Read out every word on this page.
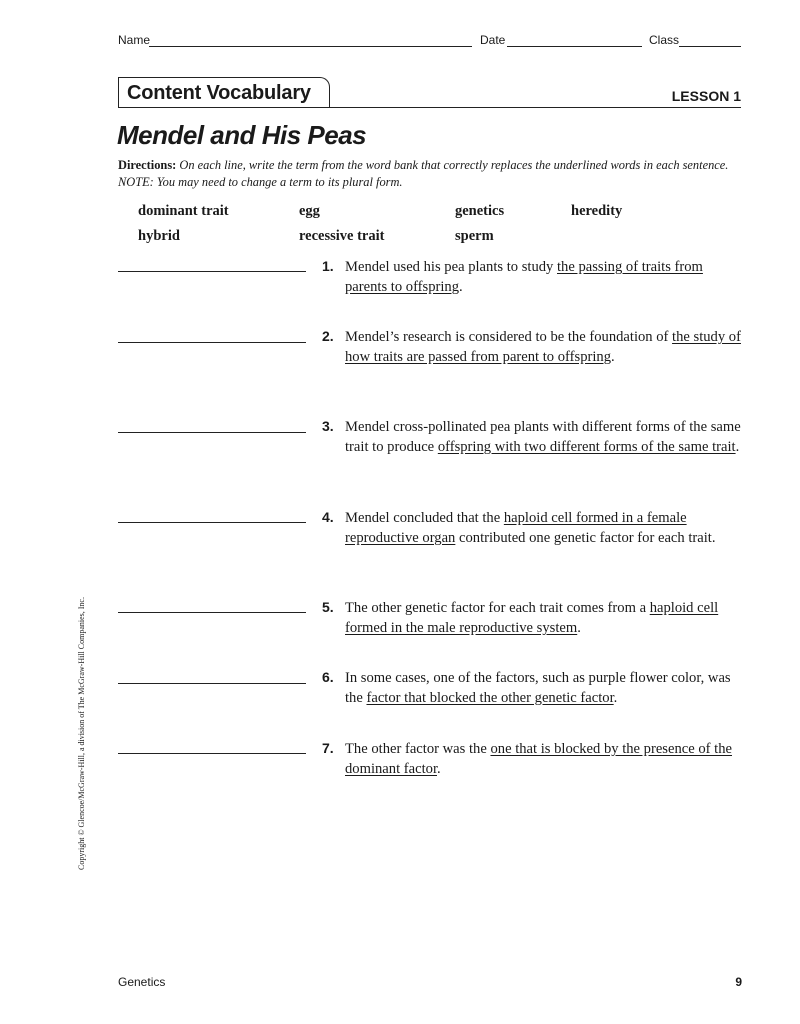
Name	Date	Class
Content Vocabulary	LESSON 1
Mendel and His Peas
Directions: On each line, write the term from the word bank that correctly replaces the underlined words in each sentence. NOTE: You may need to change a term to its plural form.
dominant trait	egg	genetics	heredity
hybrid	recessive trait	sperm
1. Mendel used his pea plants to study the passing of traits from parents to offspring.
2. Mendel’s research is considered to be the foundation of the study of how traits are passed from parent to offspring.
3. Mendel cross-pollinated pea plants with different forms of the same trait to produce offspring with two different forms of the same trait.
4. Mendel concluded that the haploid cell formed in a female reproductive organ contributed one genetic factor for each trait.
5. The other genetic factor for each trait comes from a haploid cell formed in the male reproductive system.
6. In some cases, one of the factors, such as purple flower color, was the factor that blocked the other genetic factor.
7. The other factor was the one that is blocked by the presence of the dominant factor.
Copyright © Glencoe/McGraw-Hill, a division of The McGraw-Hill Companies, Inc.
Genetics	9
